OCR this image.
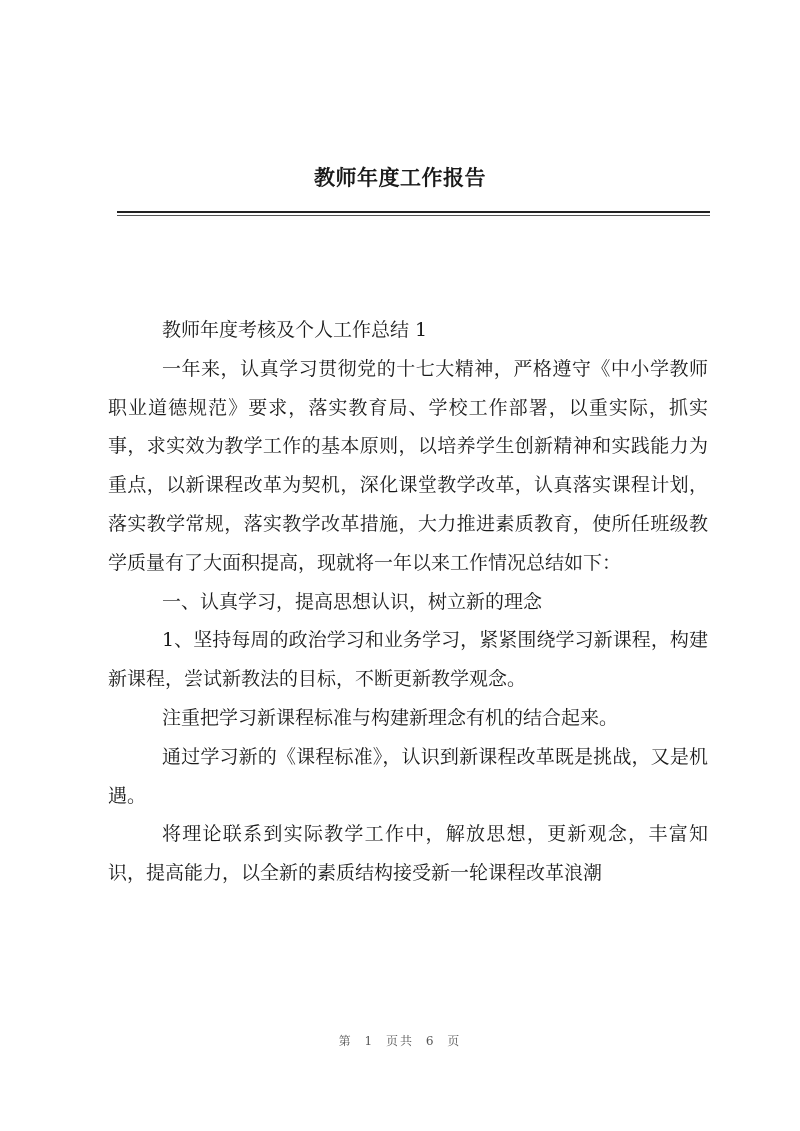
教师年度工作报告

教师年度考核及个人工作总结 1

一年来，认真学习贯彻党的十七大精神，严格遵守《中小学教师职业道德规范》要求，落实教育局、学校工作部署，以重实际，抓实事，求实效为教学工作的基本原则，以培养学生创新精神和实践能力为重点，以新课程改革为契机，深化课堂教学改革，认真落实课程计划，落实教学常规，落实教学改革措施，大力推进素质教育，使所任班级教学质量有了大面积提高，现就将一年以来工作情况总结如下：

一、认真学习，提高思想认识，树立新的理念

1、坚持每周的政治学习和业务学习，紧紧围绕学习新课程，构建新课程，尝试新教法的目标，不断更新教学观念。

注重把学习新课程标准与构建新理念有机的结合起来。

通过学习新的《课程标准》，认识到新课程改革既是挑战，又是机遇。

将理论联系到实际教学工作中，解放思想，更新观念，丰富知识，提高能力，以全新的素质结构接受新一轮课程改革浪潮

第 1 页共 6 页
